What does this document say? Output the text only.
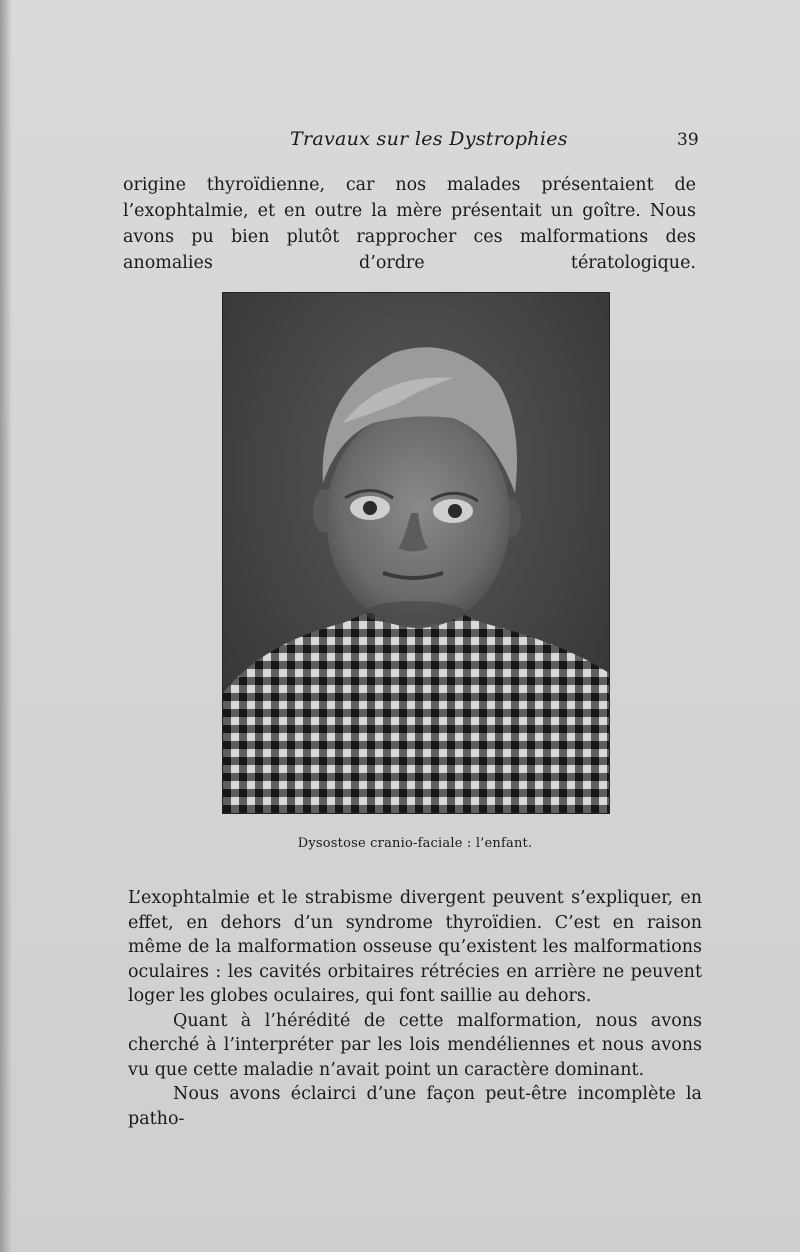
Travaux sur les Dystrophies	39

origine thyroïdienne, car nos malades présentaient de l’exophtalmie, et en outre la mère présentait un goître. Nous avons pu bien plutôt rapprocher ces malformations des anomalies d’ordre tératologique.

Dysostose cranio-faciale : l’enfant.

L’exophtalmie et le strabisme divergent peuvent s’expliquer, en effet, en dehors d’un syndrome thyroïdien. C’est en raison même de la malformation osseuse qu’existent les malformations oculaires : les cavités orbitaires rétrécies en arrière ne peuvent loger les globes oculaires, qui font saillie au dehors.

Quant à l’hérédité de cette malformation, nous avons cherché à l’interpréter par les lois mendéliennes et nous avons vu que cette maladie n’avait point un caractère dominant.

Nous avons éclairci d’une façon peut-être incomplète la patho-
